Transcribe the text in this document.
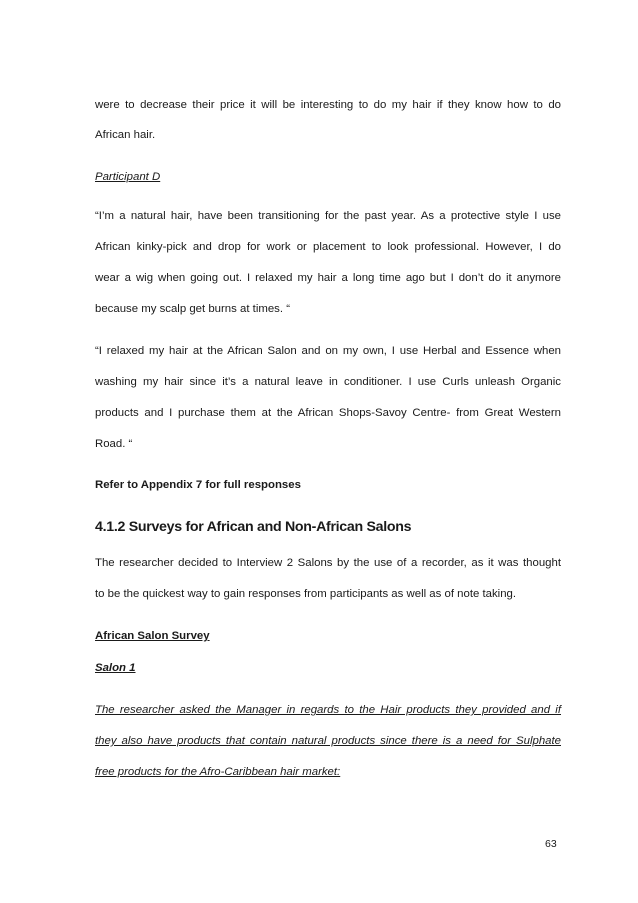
were to decrease their price it will be interesting to do my hair if they know how to do
African hair.
Participant D
“I’m a natural hair, have been transitioning for the past year. As a protective style I use
African kinky-pick and drop for work or placement to look professional. However, I do
wear a wig when going out. I relaxed my hair a long time ago but I don’t do it anymore
because my scalp get burns at times. “
“I relaxed my hair at the African Salon and on my own, I use Herbal and Essence when
washing my hair since it’s a natural leave in conditioner. I use Curls unleash Organic
products and I purchase them at the African Shops-Savoy Centre- from Great Western
Road. “
Refer to Appendix 7 for full responses
4.1.2 Surveys for African and Non-African Salons
The researcher decided to Interview 2 Salons by the use of a recorder, as it was thought
to be the quickest way to gain responses from participants as well as of note taking.
African Salon Survey
Salon 1
The researcher asked the Manager in regards to the Hair products they provided and if
they also have products that contain natural products since there is a need for Sulphate
free products for the Afro-Caribbean hair market:
63
